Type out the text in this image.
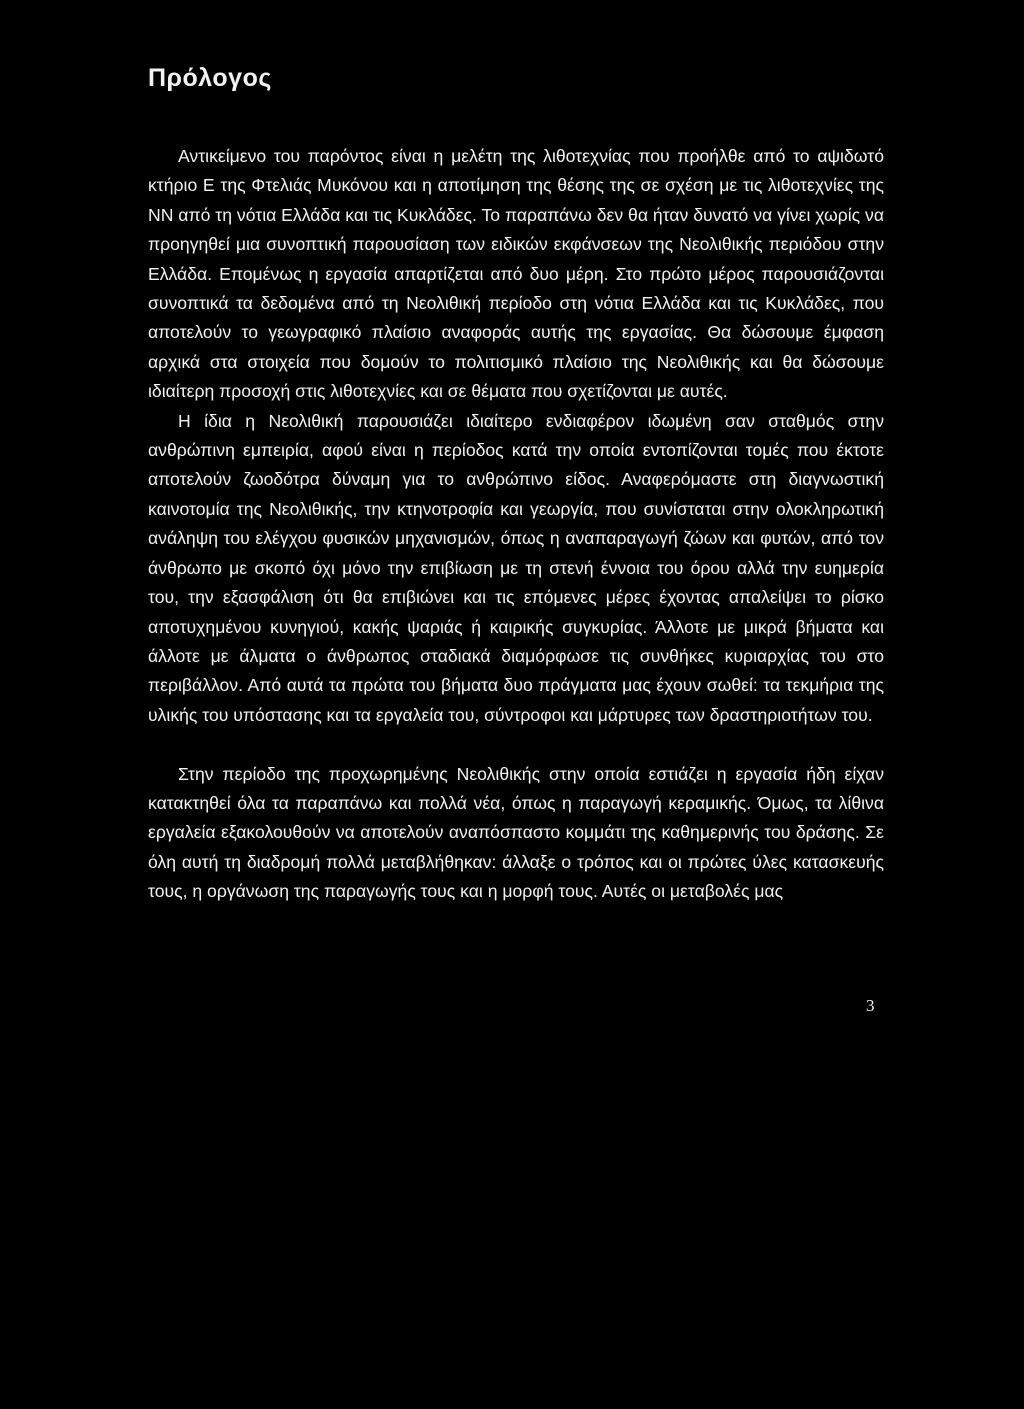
Πρόλογος

Αντικείμενο του παρόντος είναι η μελέτη της λιθοτεχνίας που προήλθε από το αψιδωτό κτήριο Ε της Φτελιάς Μυκόνου και η αποτίμηση της θέσης της σε σχέση με τις λιθοτεχνίες της ΝΝ από τη νότια Ελλάδα και τις Κυκλάδες. Το παραπάνω δεν θα ήταν δυνατό να γίνει χωρίς να προηγηθεί μια συνοπτική παρουσίαση των ειδικών εκφάνσεων της Νεολιθικής περιόδου στην Ελλάδα. Επομένως η εργασία απαρτίζεται από δυο μέρη. Στο πρώτο μέρος παρουσιάζονται συνοπτικά τα δεδομένα από τη Νεολιθική περίοδο στη νότια Ελλάδα και τις Κυκλάδες, που αποτελούν το γεωγραφικό πλαίσιο αναφοράς αυτής της εργασίας. Θα δώσουμε έμφαση αρχικά στα στοιχεία που δομούν το πολιτισμικό πλαίσιο της Νεολιθικής και θα δώσουμε ιδιαίτερη προσοχή στις λιθοτεχνίες και σε θέματα που σχετίζονται με αυτές.

Η ίδια η Νεολιθική παρουσιάζει ιδιαίτερο ενδιαφέρον ιδωμένη σαν σταθμός στην ανθρώπινη εμπειρία, αφού είναι η περίοδος κατά την οποία εντοπίζονται τομές που έκτοτε αποτελούν ζωοδότρα δύναμη για το ανθρώπινο είδος. Αναφερόμαστε στη διαγνωστική καινοτομία της Νεολιθικής, την κτηνοτροφία και γεωργία, που συνίσταται στην ολοκληρωτική ανάληψη του ελέγχου φυσικών μηχανισμών, όπως η αναπαραγωγή ζώων και φυτών, από τον άνθρωπο με σκοπό όχι μόνο την επιβίωση με τη στενή έννοια του όρου αλλά την ευημερία του, την εξασφάλιση ότι θα επιβιώνει και τις επόμενες μέρες έχοντας απαλείψει το ρίσκο αποτυχημένου κυνηγιού, κακής ψαριάς ή καιρικής συγκυρίας. Άλλοτε με μικρά βήματα και άλλοτε με άλματα ο άνθρωπος σταδιακά διαμόρφωσε τις συνθήκες κυριαρχίας του στο περιβάλλον. Από αυτά τα πρώτα του βήματα δυο πράγματα μας έχουν σωθεί: τα τεκμήρια της υλικής του υπόστασης και τα εργαλεία του, σύντροφοι και μάρτυρες των δραστηριοτήτων του.

Στην περίοδο της προχωρημένης Νεολιθικής στην οποία εστιάζει η εργασία ήδη είχαν κατακτηθεί όλα τα παραπάνω και πολλά νέα, όπως η παραγωγή κεραμικής. Όμως, τα λίθινα εργαλεία εξακολουθούν να αποτελούν αναπόσπαστο κομμάτι της καθημερινής του δράσης. Σε όλη αυτή τη διαδρομή πολλά μεταβλήθηκαν: άλλαξε ο τρόπος και οι πρώτες ύλες κατασκευής τους, η οργάνωση της παραγωγής τους και η μορφή τους. Αυτές οι μεταβολές μας

3
